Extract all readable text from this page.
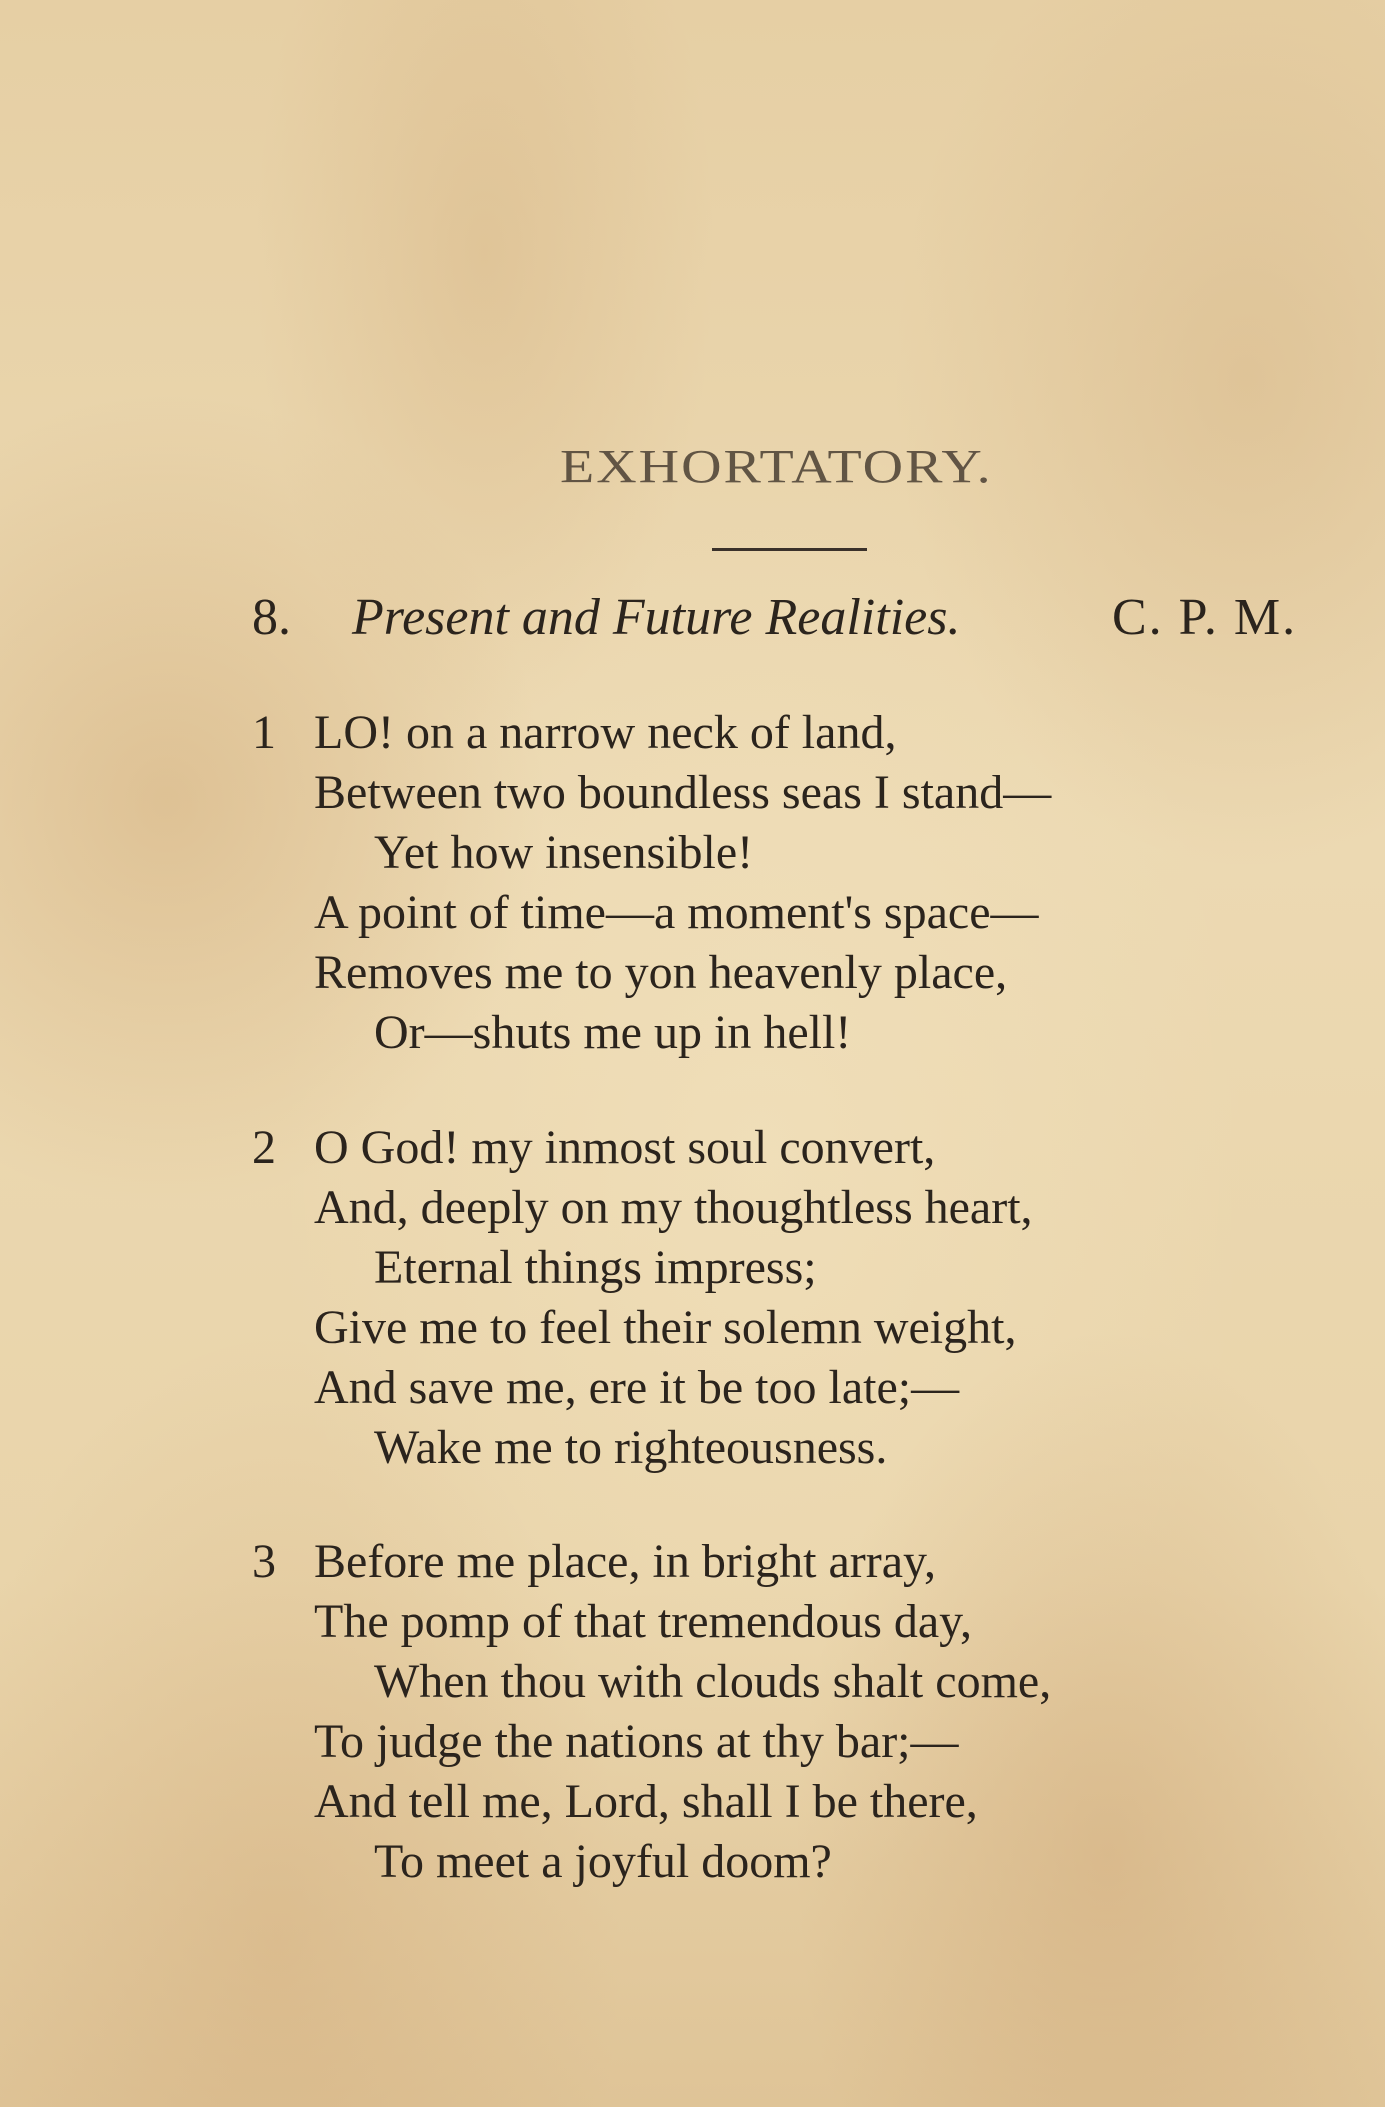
EXHORTATORY.
8. Present and Future Realities.	C. P. M.
1 LO! on a narrow neck of land,
Between two boundless seas I stand—
Yet how insensible!
A point of time—a moment's space—
Removes me to yon heavenly place,
Or—shuts me up in hell!
2 O God! my inmost soul convert,
And, deeply on my thoughtless heart,
Eternal things impress;
Give me to feel their solemn weight,
And save me, ere it be too late;—
Wake me to righteousness.
3 Before me place, in bright array,
The pomp of that tremendous day,
When thou with clouds shalt come,
To judge the nations at thy bar;—
And tell me, Lord, shall I be there,
To meet a joyful doom?
